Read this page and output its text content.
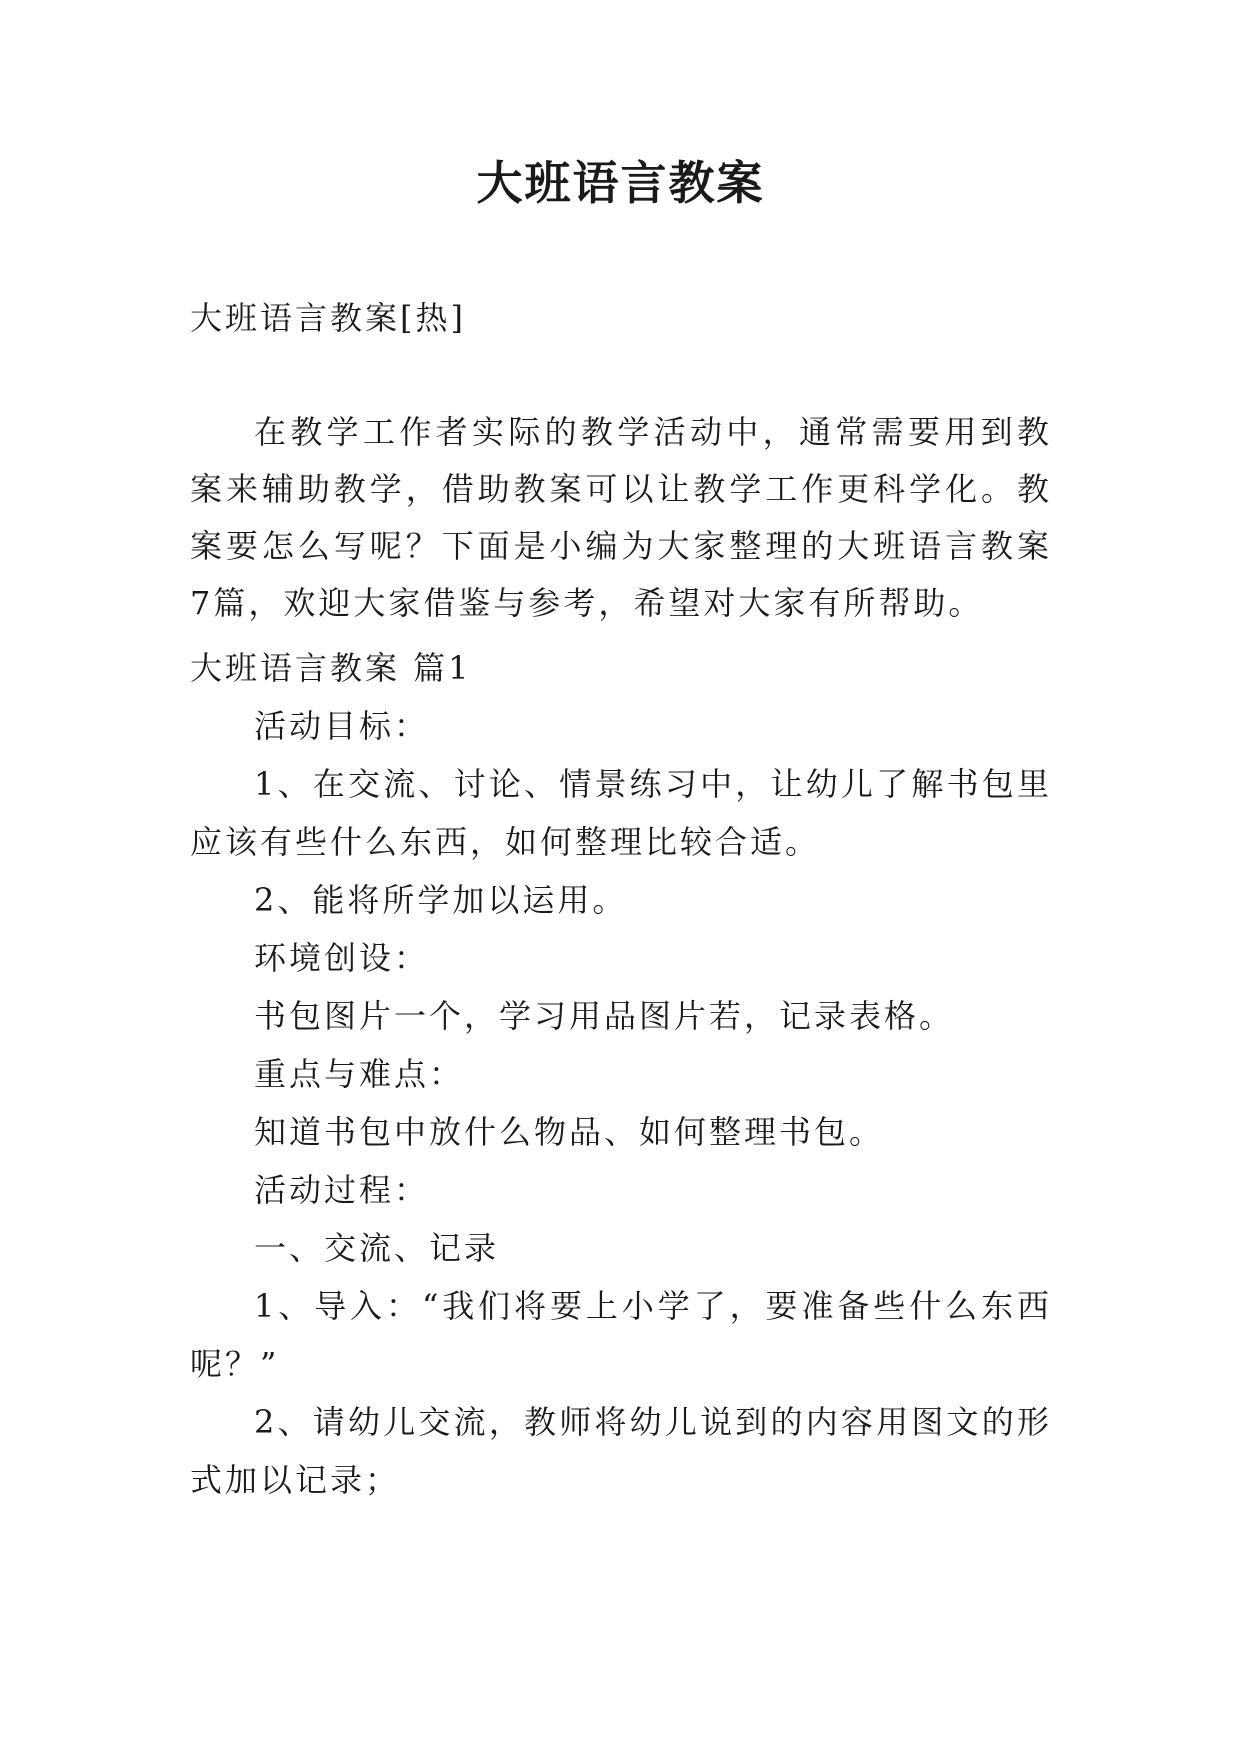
大班语言教案
大班语言教案[热]
在教学工作者实际的教学活动中，通常需要用到教案来辅助教学，借助教案可以让教学工作更科学化。教案要怎么写呢？下面是小编为大家整理的大班语言教案7篇，欢迎大家借鉴与参考，希望对大家有所帮助。
大班语言教案 篇1
活动目标：
1、在交流、讨论、情景练习中，让幼儿了解书包里应该有些什么东西，如何整理比较合适。
2、能将所学加以运用。
环境创设：
书包图片一个，学习用品图片若，记录表格。
重点与难点：
知道书包中放什么物品、如何整理书包。
活动过程：
一、交流、记录
1、导入：“我们将要上小学了，要准备些什么东西呢？”
2、请幼儿交流，教师将幼儿说到的内容用图文的形式加以记录；
